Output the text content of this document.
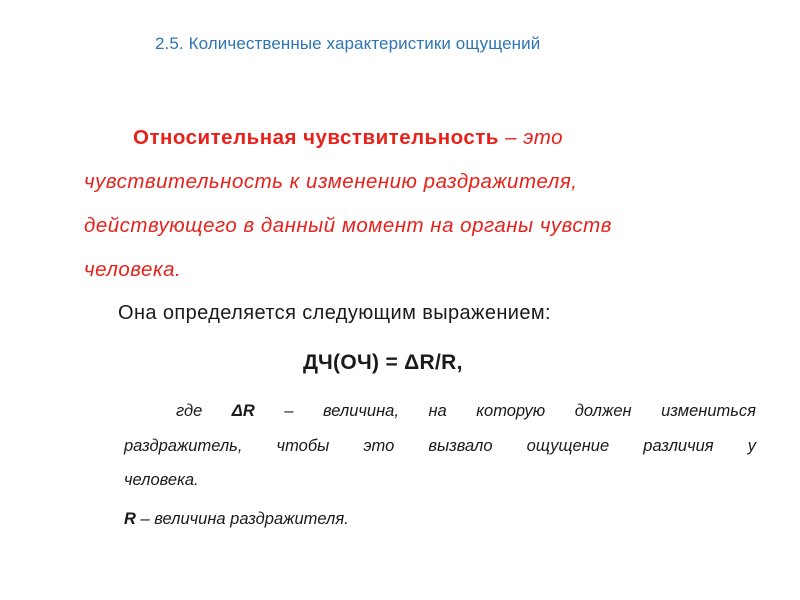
2.5. Количественные характеристики ощущений
Относительная чувствительность – это
чувствительность к изменению раздражителя,
действующего в данный момент на органы чувств
человека.
Она определяется следующим выражением:
ДЧ(ОЧ) = ΔR/R,
где ΔR – величина, на которую должен измениться
раздражитель, чтобы это вызвало ощущение различия у
человека.
R – величина раздражителя.
